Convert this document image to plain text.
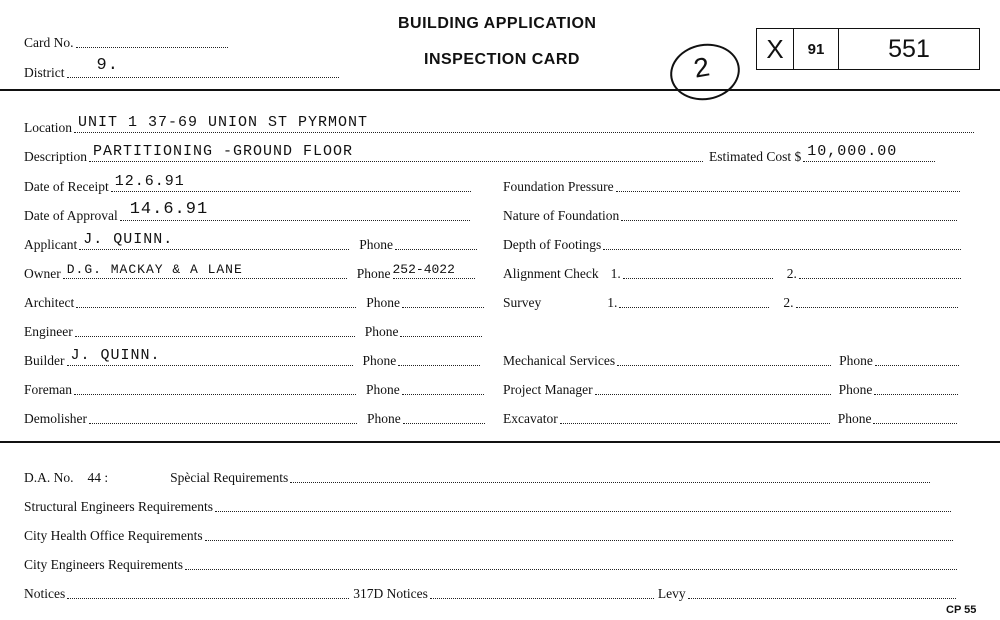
Card No.
District 9.
BUILDING APPLICATION
INSPECTION CARD	2
X 91	551
Location UNIT 1 37-69 UNION ST PYRMONT
Description PARTITIONING -GROUND FLOOR	Estimated Cost $ 10,000.00
Date of Receipt 12.6.91
Date of Approval 14.6.91
Applicant J. QUINN.	Phone
Owner D.G. MACKAY & A LANE	Phone 252-4022
Architect	Phone
Engineer	Phone
Builder J. QUINN.	Phone
Foreman	Phone
Demolisher	Phone
Foundation Pressure
Nature of Foundation
Depth of Footings
Alignment Check 1.	2.
Survey	1.	2.
Mechanical Services	Phone
Project Manager	Phone
Excavator	Phone
D.A. No. 44 :	Spècial Requirements
Structural Engineers Requirements
City Health Office Requirements
City Engineers Requirements
Notices	317D Notices	Levy
CP 55
